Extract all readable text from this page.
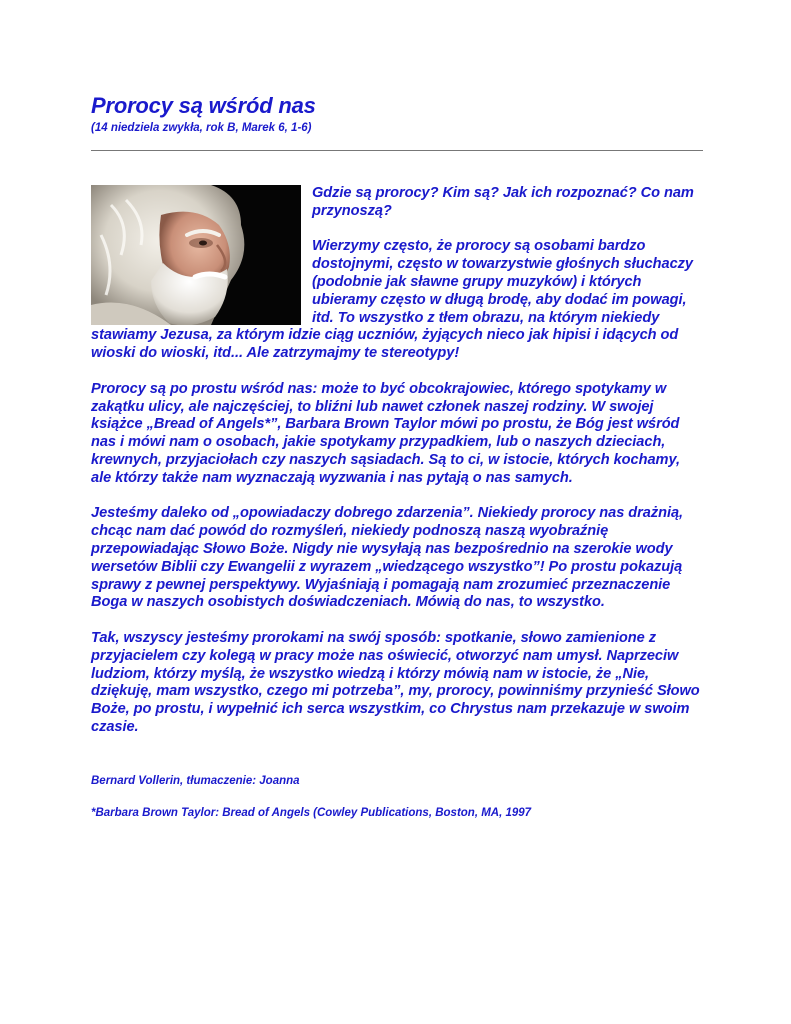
Prorocy są wśród nas
(14 niedziela zwykła, rok B, Marek 6, 1-6)

Gdzie są prorocy? Kim są? Jak ich rozpoznać? Co nam przynoszą?

Wierzymy często, że prorocy są osobami bardzo dostojnymi, często w towarzystwie głośnych słuchaczy (podobnie jak sławne grupy muzyków) i których ubieramy często w długą brodę, aby dodać im powagi, itd. To wszystko z tłem obrazu, na którym niekiedy stawiamy Jezusa, za którym idzie ciąg uczniów, żyjących nieco jak hipisi i idących od wioski do wioski, itd... Ale zatrzymajmy te stereotypy!

Prorocy są po prostu wśród nas: może to być obcokrajowiec, którego spotykamy w zakątku ulicy, ale najczęściej, to bliźni lub nawet członek naszej rodziny. W swojej książce „Bread of Angels*”, Barbara Brown Taylor mówi po prostu, że Bóg jest wśród nas i mówi nam o osobach, jakie spotykamy przypadkiem, lub o naszych dzieciach, krewnych, przyjaciołach czy naszych sąsiadach. Są to ci, w istocie, których kochamy, ale którzy także nam wyznaczają wyzwania i nas pytają o nas samych.

Jesteśmy daleko od „opowiadaczy dobrego zdarzenia”. Niekiedy prorocy nas drażnią, chcąc nam dać powód do rozmyśleń, niekiedy podnoszą naszą wyobraźnię przepowiadając Słowo Boże. Nigdy nie wysyłają nas bezpośrednio na szerokie wody wersetów Biblii czy Ewangelii z wyrazem „wiedzącego wszystko”! Po prostu pokazują sprawy z pewnej perspektywy. Wyjaśniają i pomagają nam zrozumieć przeznaczenie Boga w naszych osobistych doświadczeniach. Mówią do nas, to wszystko.

Tak, wszyscy jesteśmy prorokami na swój sposób: spotkanie, słowo zamienione z przyjacielem czy kolegą w pracy może nas oświecić, otworzyć nam umysł. Naprzeciw ludziom, którzy myślą, że wszystko wiedzą i którzy mówią nam w istocie, że „Nie, dziękuję, mam wszystko, czego mi potrzeba”, my, prorocy, powinniśmy przynieść Słowo Boże, po prostu, i wypełnić ich serca wszystkim, co Chrystus nam przekazuje w swoim czasie.

Bernard Vollerin, tłumaczenie: Joanna
*Barbara Brown Taylor: Bread of Angels (Cowley Publications, Boston, MA, 1997
